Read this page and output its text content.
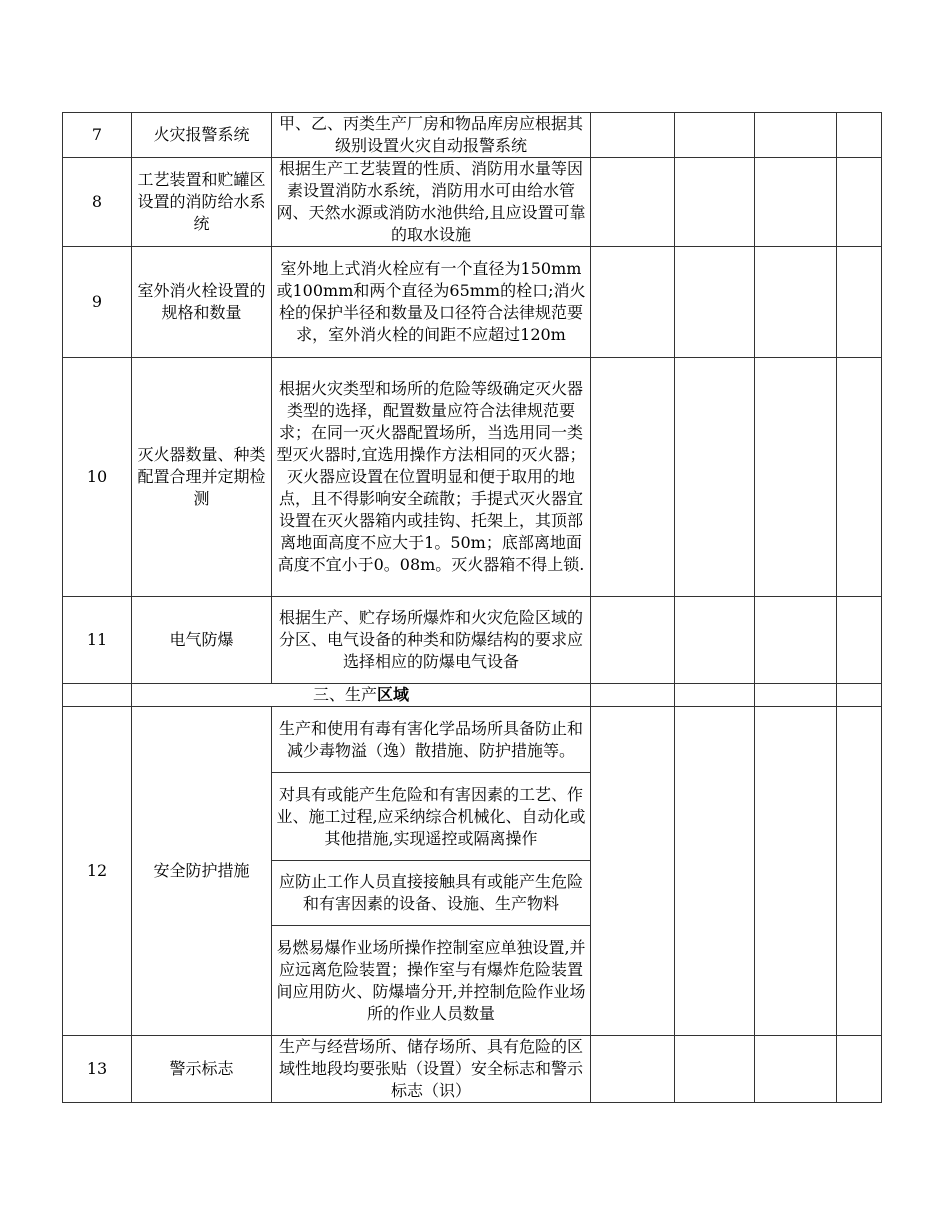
7	火灾报警系统	甲、乙、丙类生产厂房和物品库房应根据其级别设置火灾自动报警系统				
8	工艺装置和贮罐区设置的消防给水系统	根据生产工艺装置的性质、消防用水量等因素设置消防水系统，消防用水可由给水管网、天然水源或消防水池供给,且应设置可靠的取水设施				
9	室外消火栓设置的规格和数量	室外地上式消火栓应有一个直径为150mm或100mm和两个直径为65mm的栓口;消火栓的保护半径和数量及口径符合法律规范要求，室外消火栓的间距不应超过120m				
10	灭火器数量、种类配置合理并定期检测	根据火灾类型和场所的危险等级确定灭火器类型的选择，配置数量应符合法律规范要求；在同一灭火器配置场所，当选用同一类型灭火器时,宜选用操作方法相同的灭火器；灭火器应设置在位置明显和便于取用的地点，且不得影响安全疏散；手提式灭火器宜设置在灭火器箱内或挂钩、托架上，其顶部离地面高度不应大于1。50m；底部离地面高度不宜小于0。08m。灭火器箱不得上锁.				
11	电气防爆	根据生产、贮存场所爆炸和火灾危险区域的分区、电气设备的种类和防爆结构的要求应选择相应的防爆电气设备				
	三、生产区域					
12	安全防护措施	生产和使用有毒有害化学品场所具备防止和减少毒物溢（逸）散措施、防护措施等。				
		对具有或能产生危险和有害因素的工艺、作业、施工过程,应采纳综合机械化、自动化或其他措施,实现遥控或隔离操作				
		应防止工作人员直接接触具有或能产生危险和有害因素的设备、设施、生产物料				
		易燃易爆作业场所操作控制室应单独设置,并应远离危险装置；操作室与有爆炸危险装置间应用防火、防爆墙分开,并控制危险作业场所的作业人员数量				
13	警示标志	生产与经营场所、储存场所、具有危险的区域性地段均要张贴（设置）安全标志和警示标志（识）				
